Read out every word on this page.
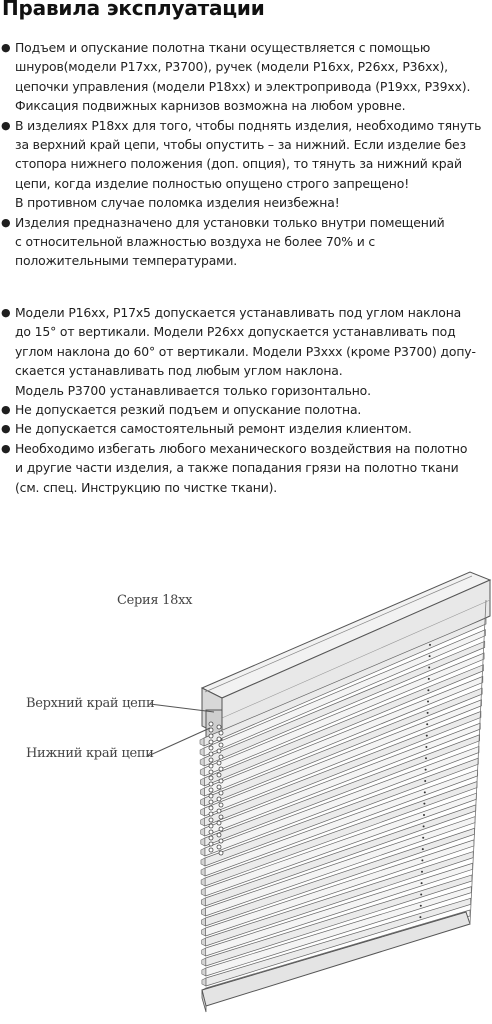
Правила эксплуатации
● Подъем и опускание полотна ткани осуществляется с помощью
шнуров(модели P17xx, P3700), ручек (модели P16xx, P26xx, P36xx),
цепочки управления (модели P18xx) и электропривода (P19xx, P39xx).
Фиксация подвижных карнизов возможна на любом уровне.
● В изделиях P18xx для того, чтобы поднять изделия, необходимо тянуть
за верхний край цепи, чтобы опустить – за нижний. Если изделие без
стопора нижнего положения (доп. опция), то тянуть за нижний край
цепи, когда изделие полностью опущено строго запрещено!
В противном случае поломка изделия неизбежна!
● Изделия предназначено для установки только внутри помещений
с относительной влажностью воздуха не более 70% и с
положительными температурами.
● Модели P16xx, P17x5 допускается устанавливать под углом наклона
до 15° от вертикали. Модели P26xx допускается устанавливать под
углом наклона до 60° от вертикали. Модели P3xxx (кроме P3700) допу-
скается устанавливать под любым углом наклона.
Модель P3700 устанавливается только горизонтально.
● Не допускается резкий подъем и опускание полотна.
● Не допускается самостоятельный ремонт изделия клиентом.
● Необходимо избегать любого механического воздействия на полотно
и другие части изделия, а также попадания грязи на полотно ткани
(см. спец. Инструкцию по чистке ткани).
Серия 18xx
Верхний край цепи
Нижний край цепи
